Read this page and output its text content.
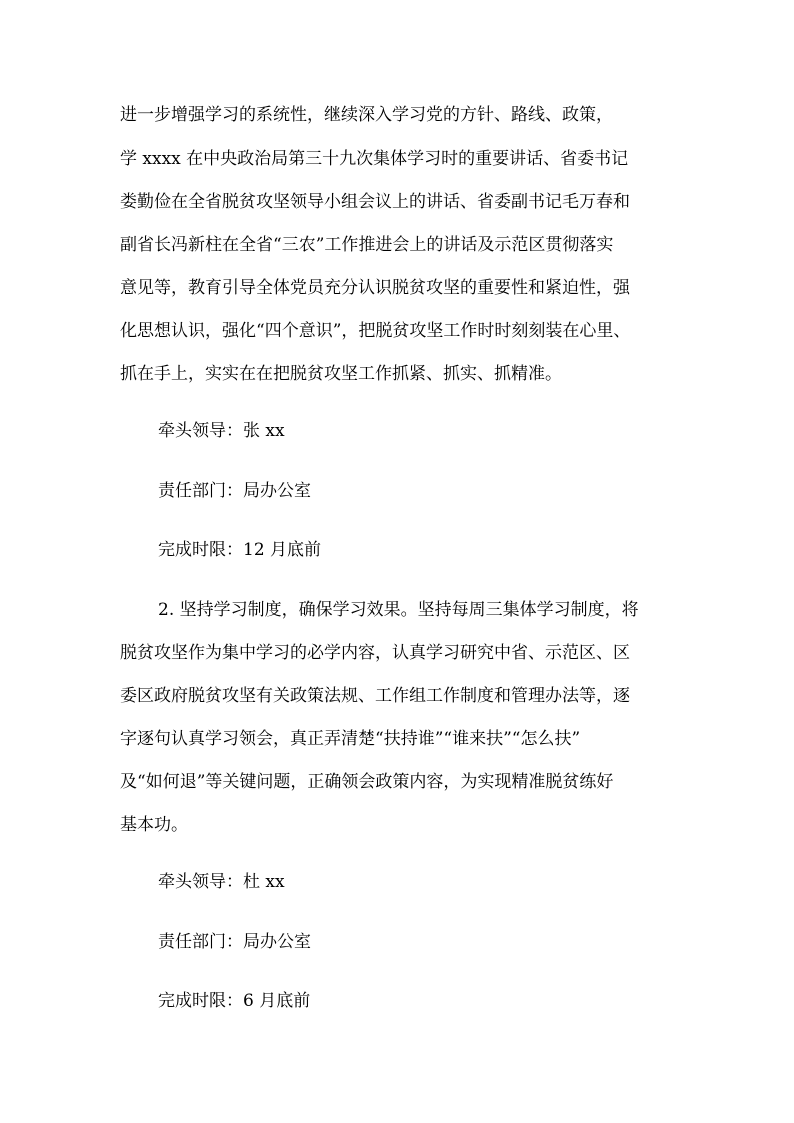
进一步增强学习的系统性，继续深入学习党的方针、路线、政策，
学 xxxx 在中央政治局第三十九次集体学习时的重要讲话、省委书记
娄勤俭在全省脱贫攻坚领导小组会议上的讲话、省委副书记毛万春和
副省长冯新柱在全省“三农”工作推进会上的讲话及示范区贯彻落实
意见等，教育引导全体党员充分认识脱贫攻坚的重要性和紧迫性，强
化思想认识，强化“四个意识”，把脱贫攻坚工作时时刻刻装在心里、
抓在手上，实实在在把脱贫攻坚工作抓紧、抓实、抓精准。
牵头领导：张 xx
责任部门：局办公室
完成时限：12 月底前
2. 坚持学习制度，确保学习效果。坚持每周三集体学习制度，将
脱贫攻坚作为集中学习的必学内容，认真学习研究中省、示范区、区
委区政府脱贫攻坚有关政策法规、工作组工作制度和管理办法等，逐
字逐句认真学习领会，真正弄清楚“扶持谁”“谁来扶”“怎么扶”
及“如何退”等关键问题，正确领会政策内容，为实现精准脱贫练好
基本功。
牵头领导：杜 xx
责任部门：局办公室
完成时限：6 月底前
